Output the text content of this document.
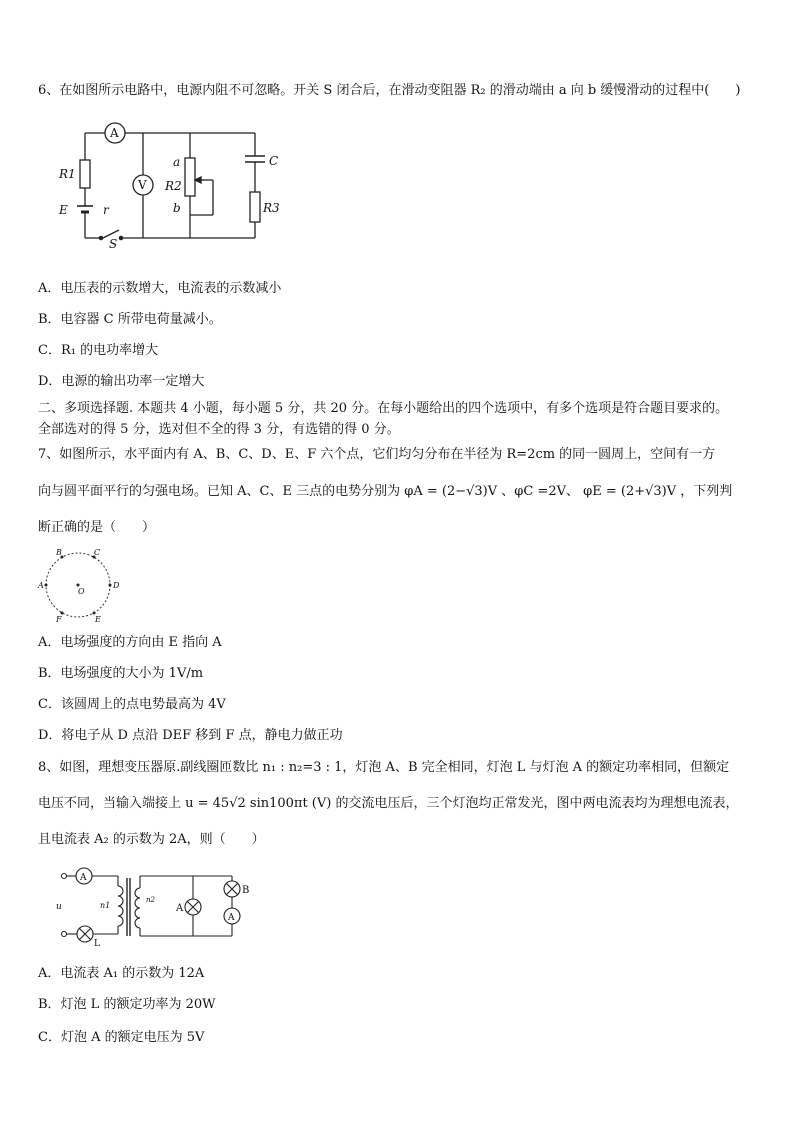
6、在如图所示电路中，电源内阻不可忽略。开关 S 闭合后，在滑动变阻器 R₂ 的滑动端由 a 向 b 缓慢滑动的过程中(　　)
A
V
R1
E	r
S
a
R2
b
C
R3
A．电压表的示数增大，电流表的示数减小
B．电容器 C 所带电荷量减小。
C．R₁ 的电功率增大
D．电源的输出功率一定增大
二、多项选择题. 本题共 4 小题，每小题 5 分，共 20 分。在每小题给出的四个选项中，有多个选项是符合题目要求的。
全部选对的得 5 分，选对但不全的得 3 分，有选错的得 0 分。
7、如图所示，水平面内有 A、B、C、D、E、F 六个点，它们均匀分布在半径为 R=2cm 的同一圆周上，空间有一方
向与圆平面平行的匀强电场。已知 A、C、E 三点的电势分别为 φA = (2−√3)V 、φC =2V、 φE = (2+√3)V ，下列判
断正确的是（　　）
B	C
A	D
F	E
O
A．电场强度的方向由 E 指向 A
B．电场强度的大小为 1V/m
C．该圆周上的点电势最高为 4V
D．将电子从 D 点沿 DEF 移到 F 点，静电力做正功
8、如图，理想变压器原.副线圈匝数比 n₁ : n₂=3 : 1，灯泡 A、B 完全相同，灯泡 L 与灯泡 A 的额定功率相同，但额定
电压不同，当输入端接上 u = 45√2 sin100πt (V) 的交流电压后，三个灯泡均正常发光，图中两电流表均为理想电流表，
且电流表 A₂ 的示数为 2A，则（　　）
A
u	n1
n2
L
A
B
A
A．电流表 A₁ 的示数为 12A
B．灯泡 L 的额定功率为 20W
C．灯泡 A 的额定电压为 5V
